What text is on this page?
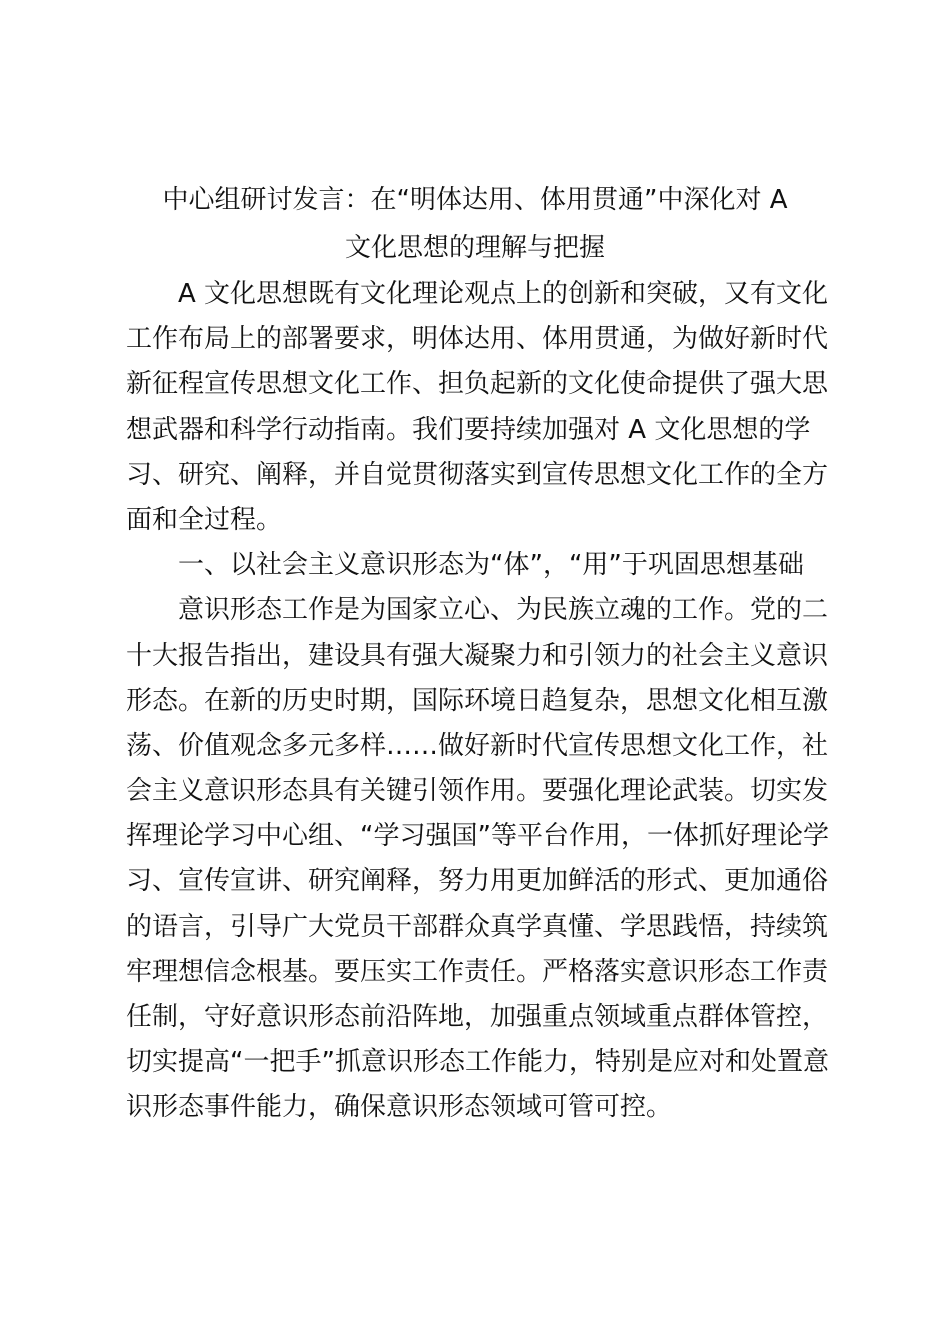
中心组研讨发言：在“明体达用、体用贯通”中深化对 A
文化思想的理解与把握
A 文化思想既有文化理论观点上的创新和突破，又有文化
工作布局上的部署要求，明体达用、体用贯通，为做好新时代
新征程宣传思想文化工作、担负起新的文化使命提供了强大思
想武器和科学行动指南。我们要持续加强对 A 文化思想的学
习、研究、阐释，并自觉贯彻落实到宣传思想文化工作的全方
面和全过程。
一、以社会主义意识形态为“体”，“用”于巩固思想基础
意识形态工作是为国家立心、为民族立魂的工作。党的二
十大报告指出，建设具有强大凝聚力和引领力的社会主义意识
形态。在新的历史时期，国际环境日趋复杂，思想文化相互激
荡、价值观念多元多样……做好新时代宣传思想文化工作，社
会主义意识形态具有关键引领作用。要强化理论武装。切实发
挥理论学习中心组、“学习强国”等平台作用，一体抓好理论学
习、宣传宣讲、研究阐释，努力用更加鲜活的形式、更加通俗
的语言，引导广大党员干部群众真学真懂、学思践悟，持续筑
牢理想信念根基。要压实工作责任。严格落实意识形态工作责
任制，守好意识形态前沿阵地，加强重点领域重点群体管控，
切实提高“一把手”抓意识形态工作能力，特别是应对和处置意
识形态事件能力，确保意识形态领域可管可控。
